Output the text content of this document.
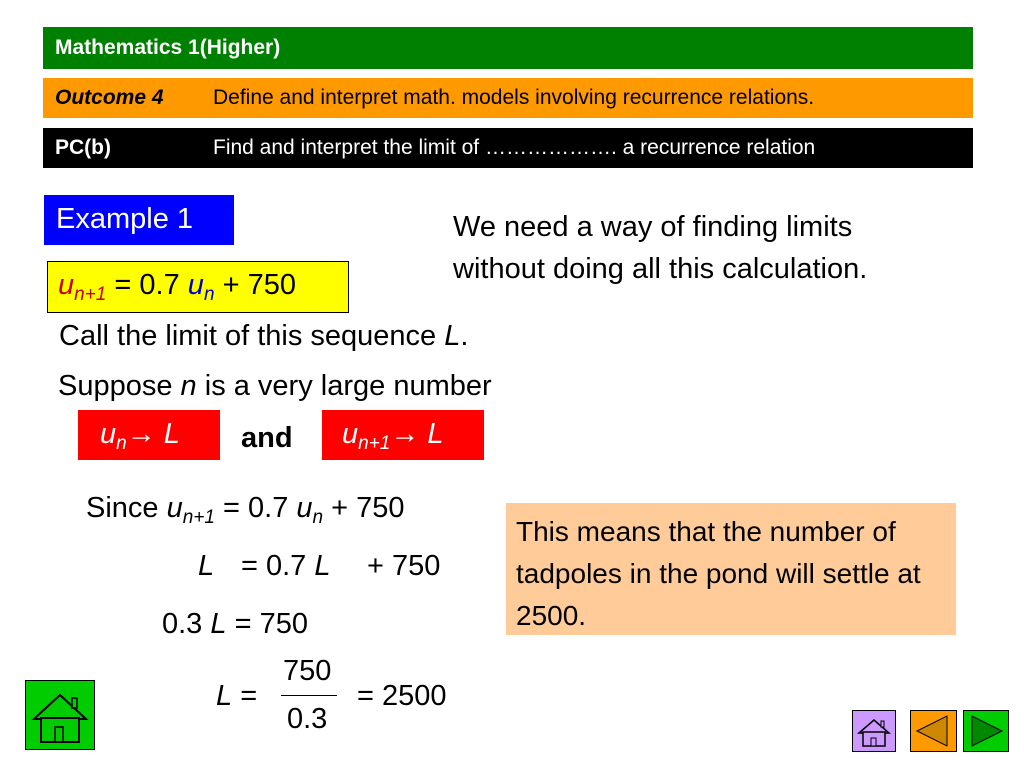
Mathematics 1(Higher)
Outcome 4 Define and interpret math. models involving recurrence relations.
PC(b)	Find and interpret the limit of ………………. a recurrence relation
Example 1
$u_{n+1} = 0.7$ $u_n + 750$
We need a way of finding limits
without doing all this calculation.
Call the limit of this sequence L.
Suppose n is a very large number
$u_n\to L$ and $u_{n+1}\to L$
Since $u_{n+1} = 0.7$ $u_n + 750$
L = 0.7 L + 750
0.3 L = 750
L =
750
0.3
= 2500
This means that the number of tadpoles in the pond will settle at 2500.
